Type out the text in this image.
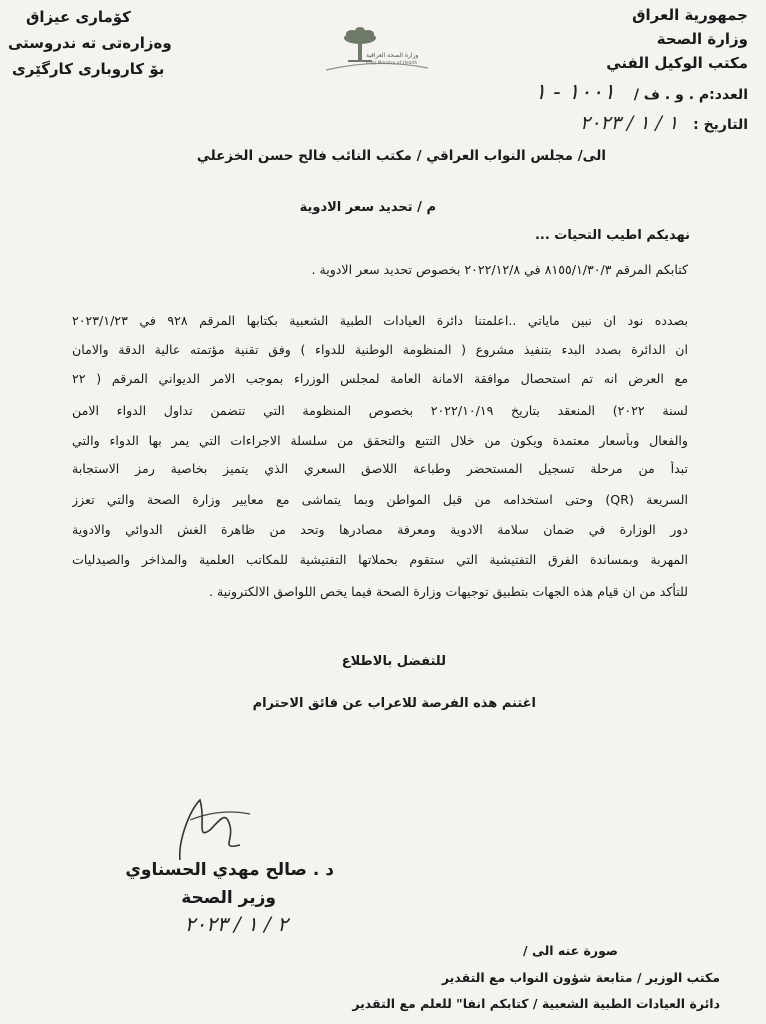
جمهورية العراق
وزارة الصحة
مكتب الوكيل الفني
العدد:م . و . ف / ١٠٠١ - ١
التاريخ : ١ / ١ / ٢٠٢٣
كۆمارى عيزاق
وەزارەتى تە ندروستى
بۆ کاروباری کارگێری
وزارة الصحة العراقية
Iraqi Ministry of Health
الى/ مجلس النواب العراقي / مكتب النائب فالح حسن الخزعلي
م / تحديد سعر الادوية
نهديكم اطيب التحيات ...
كتابكم المرقم ٨١٥٥/١/٣٠/٣ في ٢٠٢٢/١٢/٨ بخصوص تحديد سعر الادوية .
بصدده نود ان نبين ماياتي ..اعلمتنا دائرة العيادات الطبية الشعبية بكتابها المرقم ٩٢٨ في ٢٠٢٣/١/٢٣
ان الدائرة بصدد البدء بتنفيذ مشروع ( المنظومة الوطنية للدواء ) وفق تقنية مؤتمته عالية الدقة والامان
مع العرض انه تم استحصال موافقة الامانة العامة لمجلس الوزراء بموجب الامر الديواني المرقم ( ٢٢
لسنة ٢٠٢٢) المنعقد بتاريخ ٢٠٢٢/١٠/١٩ بخصوص المنظومة التي تتضمن تداول الدواء الامن
والفعال وبأسعار معتمدة ويكون من خلال التتبع والتحقق من سلسلة الاجراءات التي يمر بها الدواء والتي
تبدأ من مرحلة تسجيل المستحضر وطباعة اللاصق السعري الذي يتميز بخاصية رمز الاستجابة
السريعة (QR) وحتى استخدامه من قبل المواطن وبما يتماشى مع معايير وزارة الصحة والتي تعزز
دور الوزارة في ضمان سلامة الادوية ومعرفة مصادرها وتحد من ظاهرة الغش الدوائي والادوية
المهربة وبمساندة الفرق التفتيشية التي ستقوم بحملاتها التفتيشية للمكاتب العلمية والمذاخر والصيدليات
للتأكد من ان قيام هذه الجهات بتطبيق توجيهات وزارة الصحة فيما يخص اللواصق الالكترونية .
للتفضل بالاطلاع
اغتنم هذه الفرصة للاعراب عن فائق الاحترام
د . صالح مهدي الحسناوي
وزير الصحة
٢ / ١ / ٢٠٢٣
صورة عنه الى /
مكتب الوزير / متابعة شؤون النواب مع التقدير
دائرة العيادات الطبية الشعبية / كتابكم انفا" للعلم مع التقدير
